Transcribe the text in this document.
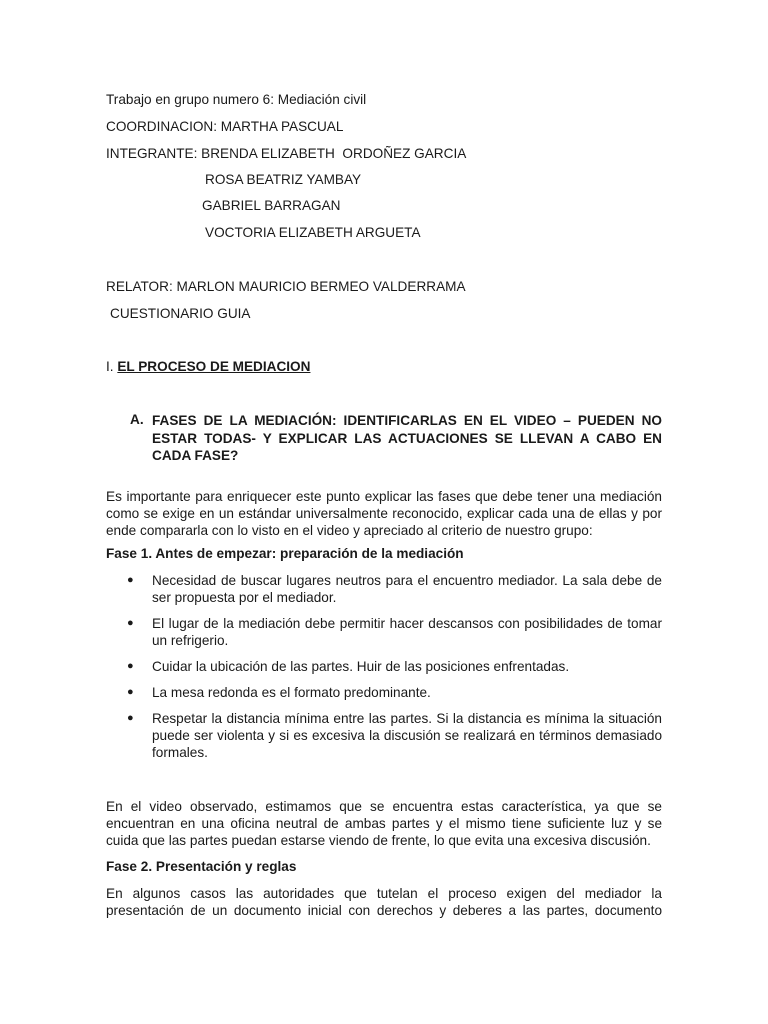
Trabajo en grupo numero 6: Mediación civil
COORDINACION: MARTHA PASCUAL
INTEGRANTE: BRENDA ELIZABETH  ORDOÑEZ GARCIA
ROSA BEATRIZ YAMBAY
GABRIEL BARRAGAN
VOCTORIA ELIZABETH ARGUETA
RELATOR: MARLON MAURICIO BERMEO VALDERRAMA
CUESTIONARIO GUIA
I. EL PROCESO DE MEDIACION
A. FASES DE LA MEDIACIÓN: IDENTIFICARLAS EN EL VIDEO – PUEDEN NO ESTAR TODAS- Y EXPLICAR LAS ACTUACIONES SE LLEVAN A CABO EN CADA FASE?
Es importante para enriquecer este punto explicar las fases que debe tener una mediación como se exige en un estándar universalmente reconocido, explicar cada una de ellas y por ende compararla con lo visto en el video y apreciado al criterio de nuestro grupo:
Fase 1. Antes de empezar: preparación de la mediación
● Necesidad de buscar lugares neutros para el encuentro mediador. La sala debe de ser propuesta por el mediador.
● El lugar de la mediación debe permitir hacer descansos con posibilidades de tomar un refrigerio.
● Cuidar la ubicación de las partes. Huir de las posiciones enfrentadas.
● La mesa redonda es el formato predominante.
● Respetar la distancia mínima entre las partes. Si la distancia es mínima la situación puede ser violenta y si es excesiva la discusión se realizará en términos demasiado formales.
En el video observado, estimamos que se encuentra estas característica, ya que se encuentran en una oficina neutral de ambas partes y el mismo tiene suficiente luz y se cuida que las partes puedan estarse viendo de frente, lo que evita una excesiva discusión.
Fase 2. Presentación y reglas
En algunos casos las autoridades que tutelan el proceso exigen del mediador la presentación de un documento inicial con derechos y deberes a las partes, documento
